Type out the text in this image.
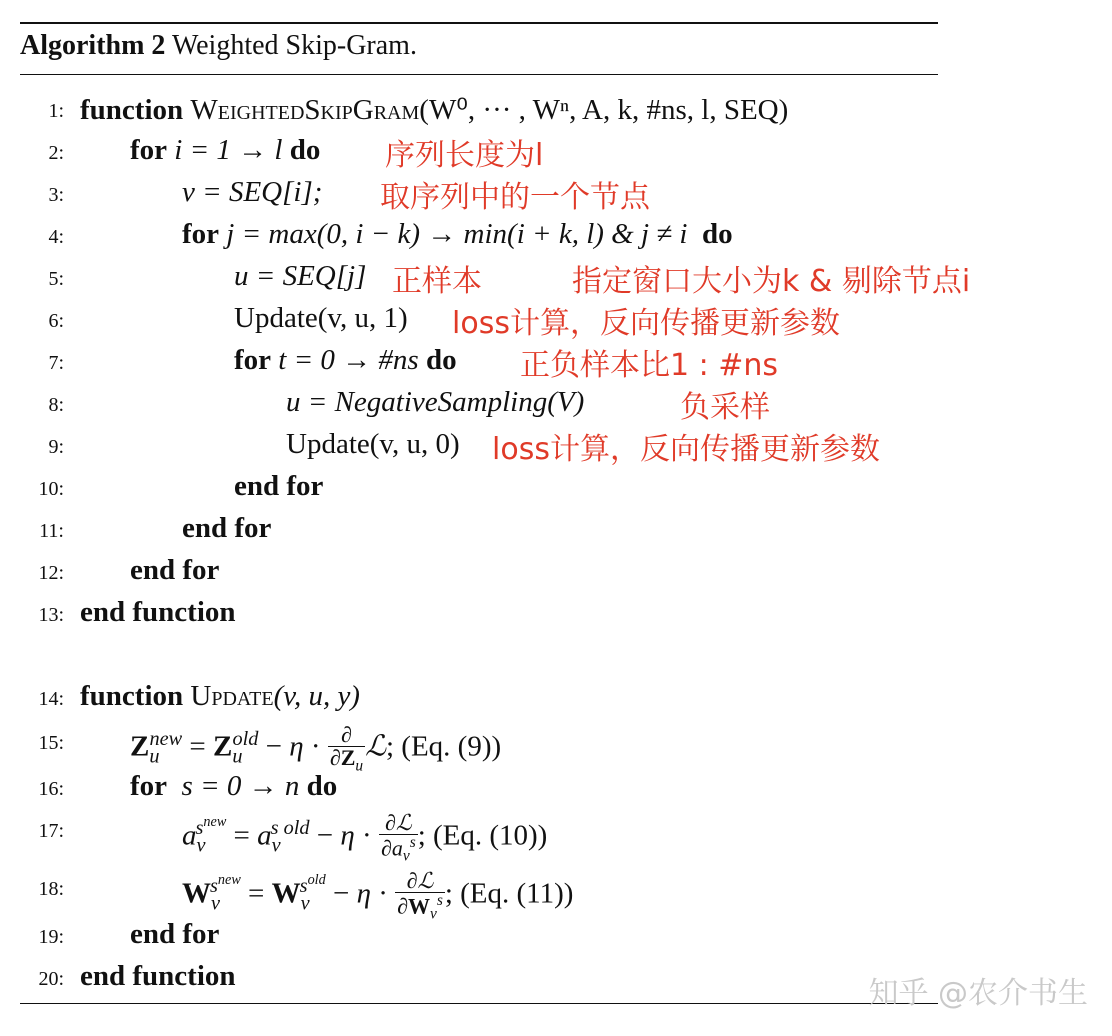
Algorithm 2 Weighted Skip-Gram.
1: function WeightedSkipGram(W⁰, ··· , Wⁿ, A, k, #ns, l, SEQ)
2: for i = 1 → l do 序列长度为l
3:	v = SEQ[i]; 取序列中的一个节点
4:	for j = max(0, i − k) → min(i + k, l) & j ≠ i do
5:	u = SEQ[j] 正样本	指定窗口大小为k & 剔除节点i
6:	Update(v, u, 1) loss计算，反向传播更新参数
7:	for t = 0 → #ns do 正负样本比1 : #ns
8:	u = NegativeSampling(V)	负采样
9:	Update(v, u, 0) loss计算，反向传播更新参数
10:	end for
11:	end for
12: end for
13: end function
14: function Update(v, u, y)
15: $Z_u^{new} = Z_u^{old} - \eta \cdot \frac{\partial}{\partial Z_u}$ ℒ; (Eq. (9))
16: for s = 0 → n do
17:	$a_v^{s^{new}} = a_v^{s old} - \eta \cdot \frac{\text{∂ℒ}}{\partial a_v^s}$ ; (Eq. (10))
18:	$W_v^{s^{new}} = W_v^{s^{old}} - \eta \cdot \frac{\text{∂ℒ}}{\partial W_v^s}$ ; (Eq. (11))
19: end for
20: end function	知乎 @农介书生
